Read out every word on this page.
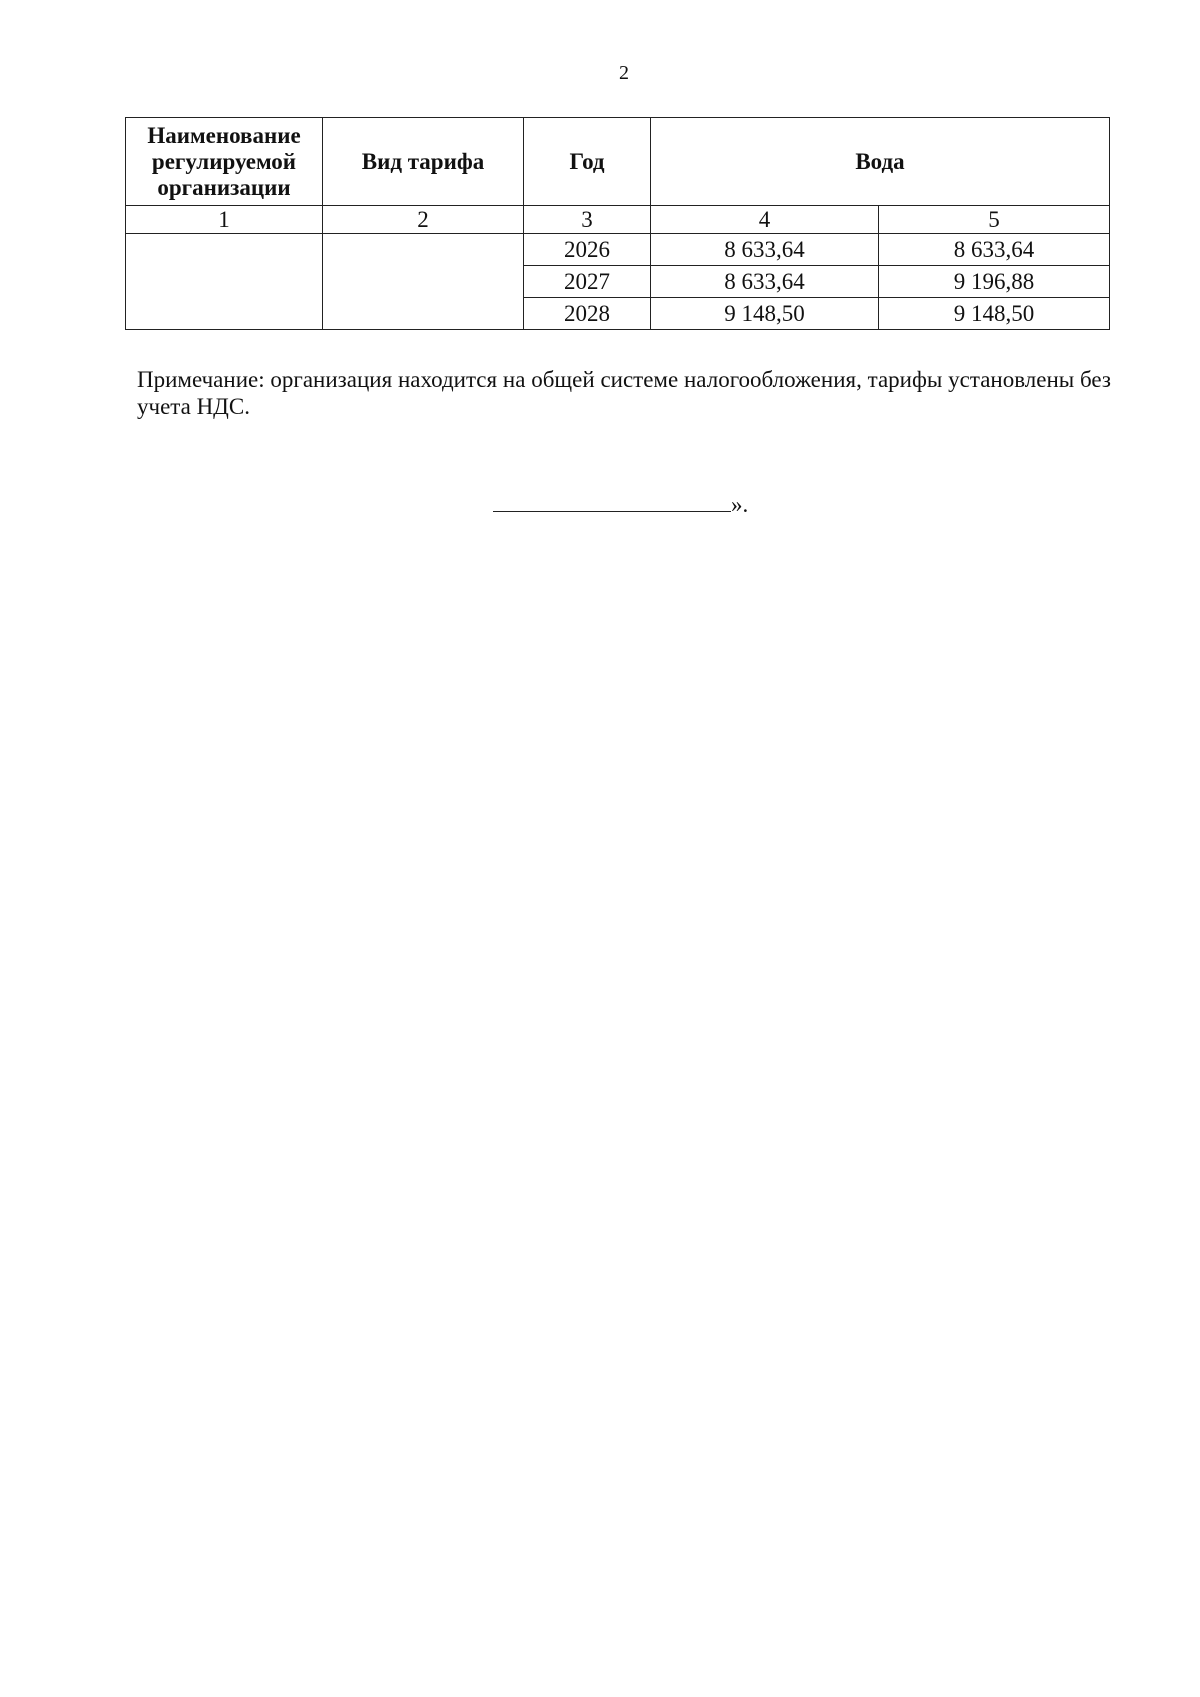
2
Наименование регулируемой организации	Вид тарифа	Год	Вода	
1	2	3	4	5
		2026	8 633,64	8 633,64
		2027	8 633,64	9 196,88
		2028	9 148,50	9 148,50
Примечание: организация находится на общей системе налогообложения, тарифы установлены без учета НДС.
».
